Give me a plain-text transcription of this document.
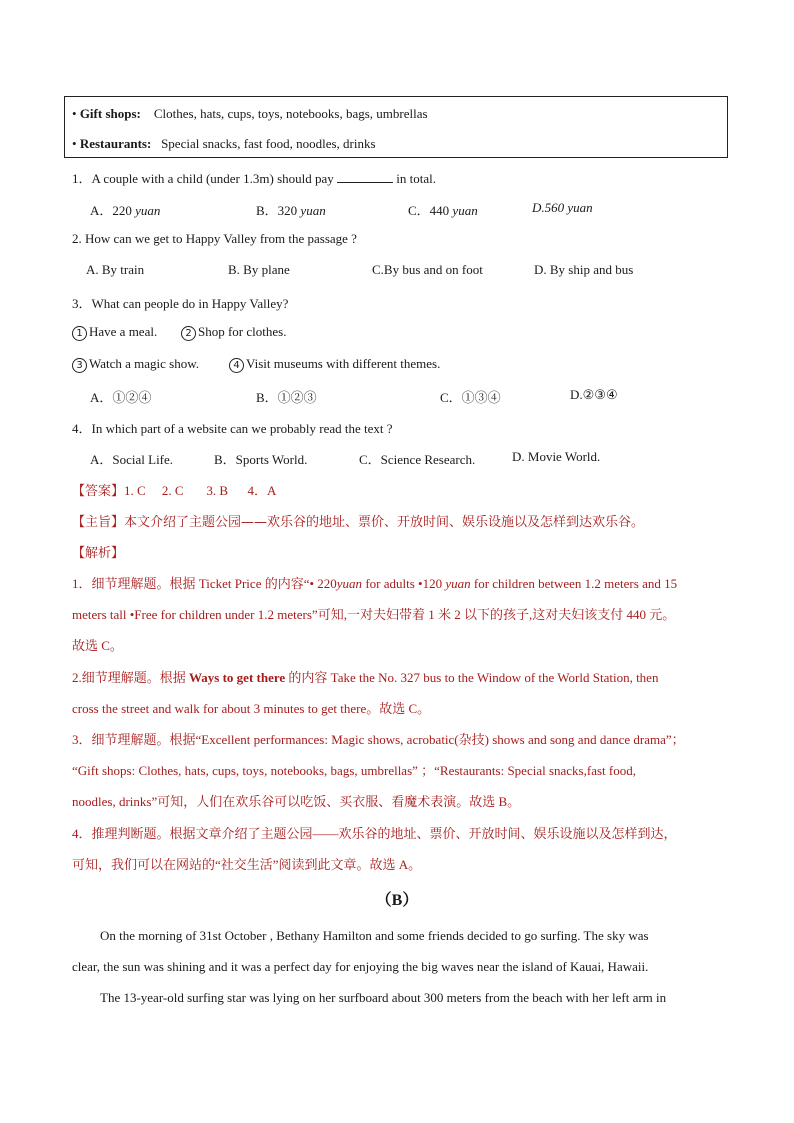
• Gift shops: Clothes, hats, cups, toys, notebooks, bags, umbrellas
• Restaurants: Special snacks, fast food, noodles, drinks
1．A couple with a child (under 1.3m) should pay	in total.
A．220 yuan	B．320 yuan	C．440 yuan	D.560 yuan
2. How can we get to Happy Valley from the passage ?
A. By train	B. By plane	C.By bus and on foot	D. By ship and bus
3．What can people do in Happy Valley?
1 Have a meal.	2 Shop for clothes.
3 Watch a magic show.	4 Visit museums with different themes.
A．①②④	B．①②③	C．①③④	D.②③④
4．In which part of a website can we probably read the text ?
A．Social Life.	B．Sports World.	C．Science Research.	D. Movie World.
【答案】1. C     2. C       3. B      4．A
【主旨】本文介绍了主题公园——欢乐谷的地址、票价、开放时间、娱乐设施以及怎样到达欢乐谷。
【解析】
1．细节理解题。根据 Ticket Price 的内容“• 220yuan for adults •120 yuan for children between 1.2 meters and 15
meters tall •Free for children under 1.2 meters”可知,一对夫妇带着 1 米 2 以下的孩子,这对夫妇该支付 440 元。
故选 C。
2.细节理解题。根据 Ways to get there 的内容 Take the No. 327 bus to the Window of the World Station, then
cross the street and walk for about 3 minutes to get there。故选 C。
3．细节理解题。根据“Excellent performances: Magic shows, acrobatic(杂技) shows and song and dance drama”；
“Gift shops: Clothes, hats, cups, toys, notebooks, bags, umbrellas” ；“Restaurants: Special snacks,fast food,
noodles, drinks”可知，人们在欢乐谷可以吃饭、买衣服、看魔术表演。故选 B。
4．推理判断题。根据文章介绍了主题公园——欢乐谷的地址、票价、开放时间、娱乐设施以及怎样到达，
可知，我们可以在网站的“社交生活”阅读到此文章。故选 A。
（B）
On the morning of 31st October , Bethany Hamilton and some friends decided to go surfing. The sky was
clear, the sun was shining and it was a perfect day for enjoying the big waves near the island of Kauai, Hawaii.
The 13-year-old surfing star was lying on her surfboard about 300 meters from the beach with her left arm in
